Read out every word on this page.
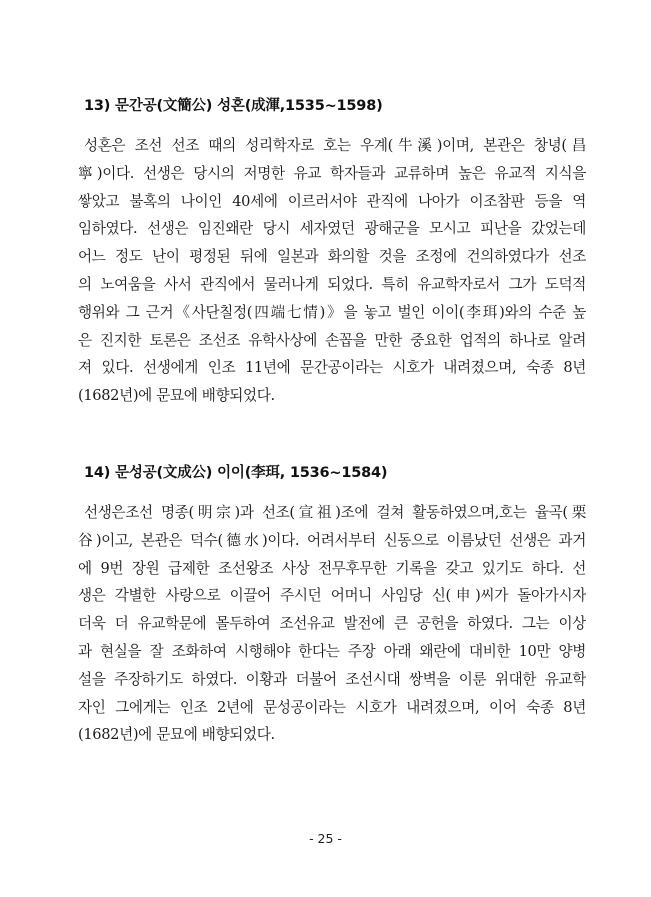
13) 문간공(文簡公) 성혼(成渾,1535~1598)
성혼은 조선 선조 때의 성리학자로 호는 우계(牛溪)이며, 본관은 창녕(昌
寧)이다. 선생은 당시의 저명한 유교 학자들과 교류하며 높은 유교적 지식을
쌓았고 불혹의 나이인 40세에 이르러서야 관직에 나아가 이조참판 등을 역
임하였다. 선생은 임진왜란 당시 세자였던 광해군을 모시고 피난을 갔었는데
어느 정도 난이 평정된 뒤에 일본과 화의할 것을 조정에 건의하였다가 선조
의 노여움을 사서 관직에서 물러나게 되었다. 특히 유교학자로서 그가 도덕적
행위와 그 근거《사단칠정(四端七情)》을 놓고 벌인 이이(李珥)와의 수준 높
은 진지한 토론은 조선조 유학사상에 손꼽을 만한 중요한 업적의 하나로 알려
져 있다. 선생에게 인조 11년에 문간공이라는 시호가 내려졌으며, 숙종 8년
(1682년)에 문묘에 배향되었다.
14) 문성공(文成公) 이이(李珥, 1536~1584)
선생은조선 명종(明宗)과 선조(宣祖)조에 걸쳐 활동하였으며,호는 율곡(栗
谷)이고, 본관은 덕수(德水)이다. 어려서부터 신동으로 이름났던 선생은 과거
에 9번 장원 급제한 조선왕조 사상 전무후무한 기록을 갖고 있기도 하다. 선
생은 각별한 사랑으로 이끌어 주시던 어머니 사임당 신(申)씨가 돌아가시자
더욱 더 유교학문에 몰두하여 조선유교 발전에 큰 공헌을 하였다. 그는 이상
과 현실을 잘 조화하여 시행해야 한다는 주장 아래 왜란에 대비한 10만 양병
설을 주장하기도 하였다. 이황과 더불어 조선시대 쌍벽을 이룬 위대한 유교학
자인 그에게는 인조 2년에 문성공이라는 시호가 내려졌으며, 이어 숙종 8년
(1682년)에 문묘에 배향되었다.
- 25 -
